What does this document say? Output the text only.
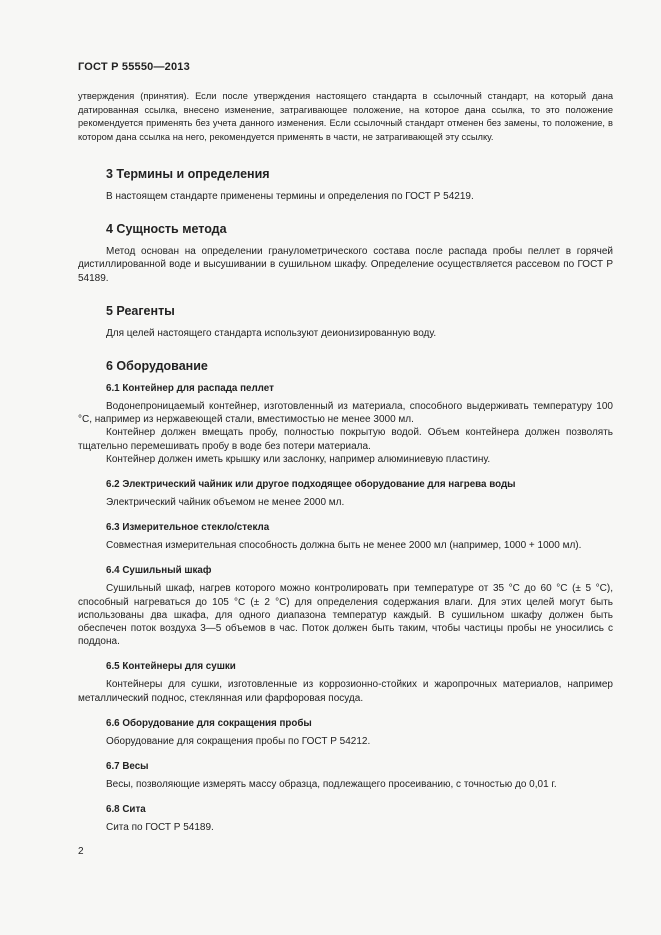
ГОСТ Р 55550—2013

утверждения (принятия). Если после утверждения настоящего стандарта в ссылочный стандарт, на который дана датированная ссылка, внесено изменение, затрагивающее положение, на которое дана ссылка, то это положение рекомендуется применять без учета данного изменения. Если ссылочный стандарт отменен без замены, то положение, в котором дана ссылка на него, рекомендуется применять в части, не затрагивающей эту ссылку.

3 Термины и определения

В настоящем стандарте применены термины и определения по ГОСТ Р 54219.

4 Сущность метода

Метод основан на определении гранулометрического состава после распада пробы пеллет в горячей дистиллированной воде и высушивании в сушильном шкафу. Определение осуществляется рассевом по ГОСТ Р 54189.

5 Реагенты

Для целей настоящего стандарта используют деионизированную воду.

6 Оборудование
6.1 Контейнер для распада пеллет

Водонепроницаемый контейнер, изготовленный из материала, способного выдерживать температуру 100 °С, например из нержавеющей стали, вместимостью не менее 3000 мл.

Контейнер должен вмещать пробу, полностью покрытую водой. Объем контейнера должен позволять тщательно перемешивать пробу в воде без потери материала.

Контейнер должен иметь крышку или заслонку, например алюминиевую пластину.

6.2 Электрический чайник или другое подходящее оборудование для нагрева воды

Электрический чайник объемом не менее 2000 мл.

6.3 Измерительное стекло/стекла

Совместная измерительная способность должна быть не менее 2000 мл (например, 1000 + 1000 мл).

6.4 Сушильный шкаф

Сушильный шкаф, нагрев которого можно контролировать при температуре от 35 °С до 60 °С (± 5 °С), способный нагреваться до 105 °С (± 2 °С) для определения содержания влаги. Для этих целей могут быть использованы два шкафа, для одного диапазона температур каждый. В сушильном шкафу должен быть обеспечен поток воздуха 3—5 объемов в час. Поток должен быть таким, чтобы частицы пробы не уносились с поддона.

6.5 Контейнеры для сушки

Контейнеры для сушки, изготовленные из коррозионно-стойких и жаропрочных материалов, например металлический поднос, стеклянная или фарфоровая посуда.

6.6 Оборудование для сокращения пробы

Оборудование для сокращения пробы по ГОСТ Р 54212.

6.7 Весы

Весы, позволяющие измерять массу образца, подлежащего просеиванию, с точностью до 0,01 г.

6.8 Сита

Сита по ГОСТ Р 54189.

2
